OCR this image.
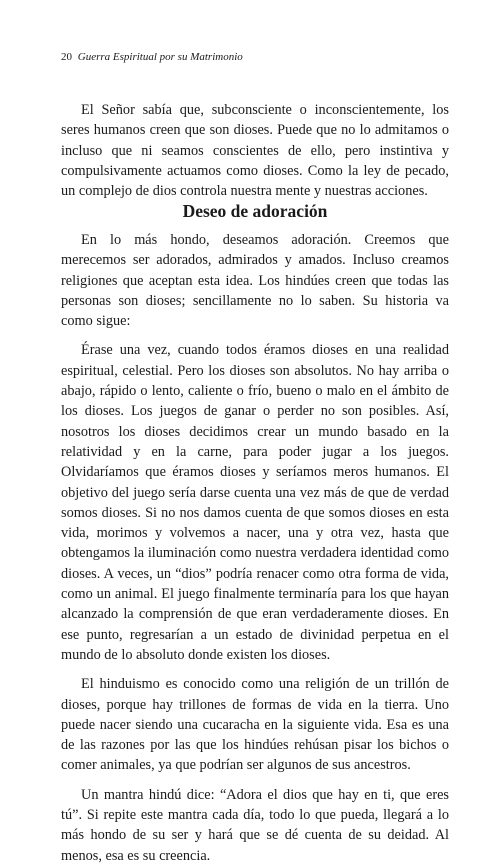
20 Guerra Espiritual por su Matrimonio

El Señor sabía que, subconsciente o inconscientemente, los seres humanos creen que son dioses. Puede que no lo admitamos o incluso que ni seamos conscientes de ello, pero instintiva y compulsivamente actuamos como dioses. Como la ley de pecado, un complejo de dios controla nuestra mente y nuestras acciones.

Deseo de adoración

En lo más hondo, deseamos adoración. Creemos que merecemos ser adorados, admirados y amados. Incluso creamos religiones que aceptan esta idea. Los hindúes creen que todas las personas son dioses; sencillamente no lo saben. Su historia va como sigue:

Érase una vez, cuando todos éramos dioses en una realidad espiritual, celestial. Pero los dioses son absolutos. No hay arriba o abajo, rápido o lento, caliente o frío, bueno o malo en el ámbito de los dioses. Los juegos de ganar o perder no son posibles. Así, nosotros los dioses decidimos crear un mundo basado en la relatividad y en la carne, para poder jugar a los juegos. Olvidaríamos que éramos dioses y seríamos meros humanos. El objetivo del juego sería darse cuenta una vez más de que de verdad somos dioses. Si no nos damos cuenta de que somos dioses en esta vida, morimos y volvemos a nacer, una y otra vez, hasta que obtengamos la iluminación como nuestra verdadera identidad como dioses. A veces, un “dios” podría renacer como otra forma de vida, como un animal. El juego finalmente terminaría para los que hayan alcanzado la comprensión de que eran verdaderamente dioses. En ese punto, regresarían a un estado de divinidad perpetua en el mundo de lo absoluto donde existen los dioses.

El hinduismo es conocido como una religión de un trillón de dioses, porque hay trillones de formas de vida en la tierra. Uno puede nacer siendo una cucaracha en la siguiente vida. Esa es una de las razones por las que los hindúes rehúsan pisar los bichos o comer animales, ya que podrían ser algunos de sus ancestros.

Un mantra hindú dice: “Adora el dios que hay en ti, que eres tú”. Si repite este mantra cada día, todo lo que pueda, llegará a lo más hondo de su ser y hará que se dé cuenta de su deidad. Al menos, esa es su creencia.
